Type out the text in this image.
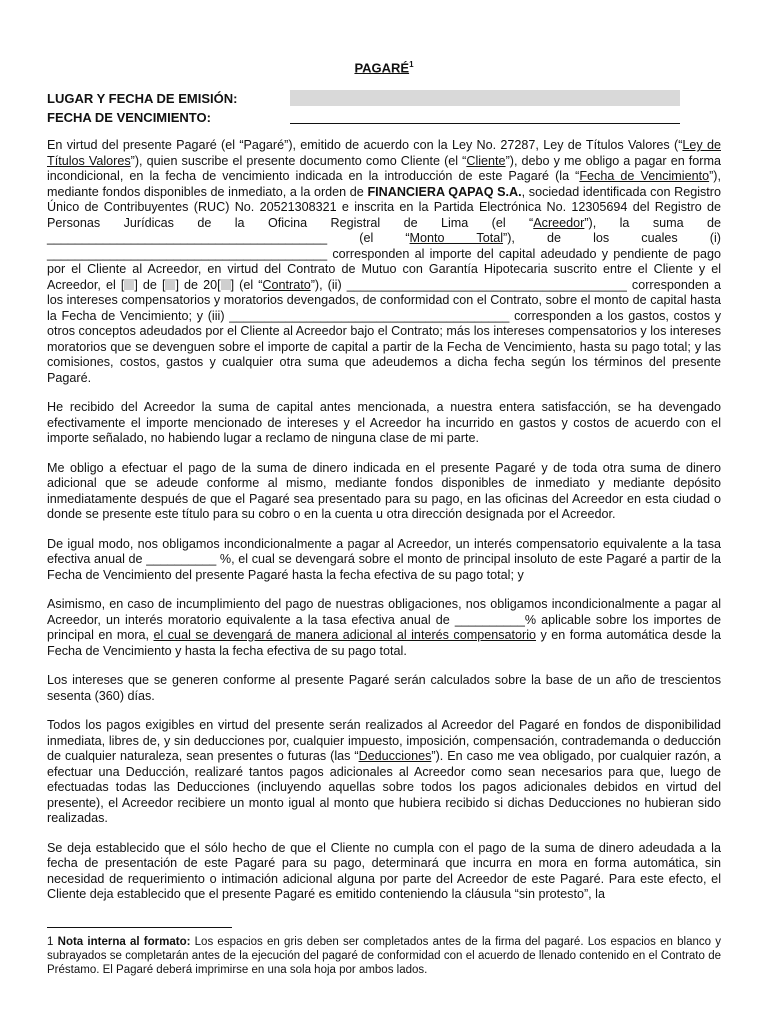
PAGARÉ$^1$
LUGAR Y FECHA DE EMISIÓN:
FECHA DE VENCIMIENTO:

En virtud del presente Pagaré (el “Pagaré”), emitido de acuerdo con la Ley No. 27287, Ley de Títulos Valores (“Ley de Títulos Valores”), quien suscribe el presente documento como Cliente (el “Cliente”), debo y me obligo a pagar en forma incondicional, en la fecha de vencimiento indicada en la introducción de este Pagaré (la “Fecha de Vencimiento”), mediante fondos disponibles de inmediato, a la orden de FINANCIERA QAPAQ S.A., sociedad identificada con Registro Único de Contribuyentes (RUC) No. 20521308321 e inscrita en la Partida Electrónica No. 12305694 del Registro de Personas Jurídicas de la Oficina Registral de Lima (el “Acreedor”), la suma de ________________________________________ (el “Monto Total”), de los cuales (i) ________________________________________ corresponden al importe del capital adeudado y pendiente de pago por el Cliente al Acreedor, en virtud del Contrato de Mutuo con Garantía Hipotecaria suscrito entre el Cliente y el Acreedor, el [ ] de [ ] de 20[ ] (el “Contrato”), (ii) ________________________________________ corresponden a los intereses compensatorios y moratorios devengados, de conformidad con el Contrato, sobre el monto de capital hasta la Fecha de Vencimiento; y (iii) ________________________________________ corresponden a los gastos, costos y otros conceptos adeudados por el Cliente al Acreedor bajo el Contrato; más los intereses compensatorios y los intereses moratorios que se devenguen sobre el importe de capital a partir de la Fecha de Vencimiento, hasta su pago total; y las comisiones, costos, gastos y cualquier otra suma que adeudemos a dicha fecha según los términos del presente Pagaré.

He recibido del Acreedor la suma de capital antes mencionada, a nuestra entera satisfacción, se ha devengado efectivamente el importe mencionado de intereses y el Acreedor ha incurrido en gastos y costos de acuerdo con el importe señalado, no habiendo lugar a reclamo de ninguna clase de mi parte.

Me obligo a efectuar el pago de la suma de dinero indicada en el presente Pagaré y de toda otra suma de dinero adicional que se adeude conforme al mismo, mediante fondos disponibles de inmediato y mediante depósito inmediatamente después de que el Pagaré sea presentado para su pago, en las oficinas del Acreedor en esta ciudad o donde se presente este título para su cobro o en la cuenta u otra dirección designada por el Acreedor.

De igual modo, nos obligamos incondicionalmente a pagar al Acreedor, un interés compensatorio equivalente a la tasa efectiva anual de __________ %, el cual se devengará sobre el monto de principal insoluto de este Pagaré a partir de la Fecha de Vencimiento del presente Pagaré hasta la fecha efectiva de su pago total; y

Asimismo, en caso de incumplimiento del pago de nuestras obligaciones, nos obligamos incondicionalmente a pagar al Acreedor, un interés moratorio equivalente a la tasa efectiva anual de __________% aplicable sobre los importes de principal en mora, el cual se devengará de manera adicional al interés compensatorio y en forma automática desde la Fecha de Vencimiento y hasta la fecha efectiva de su pago total.

Los intereses que se generen conforme al presente Pagaré serán calculados sobre la base de un año de trescientos sesenta (360) días.

Todos los pagos exigibles en virtud del presente serán realizados al Acreedor del Pagaré en fondos de disponibilidad inmediata, libres de, y sin deducciones por, cualquier impuesto, imposición, compensación, contrademanda o deducción de cualquier naturaleza, sean presentes o futuras (las “Deducciones”). En caso me vea obligado, por cualquier razón, a efectuar una Deducción, realizaré tantos pagos adicionales al Acreedor como sean necesarios para que, luego de efectuadas todas las Deducciones (incluyendo aquellas sobre todos los pagos adicionales debidos en virtud del presente), el Acreedor recibiere un monto igual al monto que hubiera recibido si dichas Deducciones no hubieran sido realizadas.

Se deja establecido que el sólo hecho de que el Cliente no cumpla con el pago de la suma de dinero adeudada a la fecha de presentación de este Pagaré para su pago, determinará que incurra en mora en forma automática, sin necesidad de requerimiento o intimación adicional alguna por parte del Acreedor de este Pagaré. Para este efecto, el Cliente deja establecido que el presente Pagaré es emitido conteniendo la cláusula “sin protesto”, la

1 Nota interna al formato: Los espacios en gris deben ser completados antes de la firma del pagaré. Los espacios en blanco y subrayados se completarán antes de la ejecución del pagaré de conformidad con el acuerdo de llenado contenido en el Contrato de Préstamo. El Pagaré deberá imprimirse en una sola hoja por ambos lados.
